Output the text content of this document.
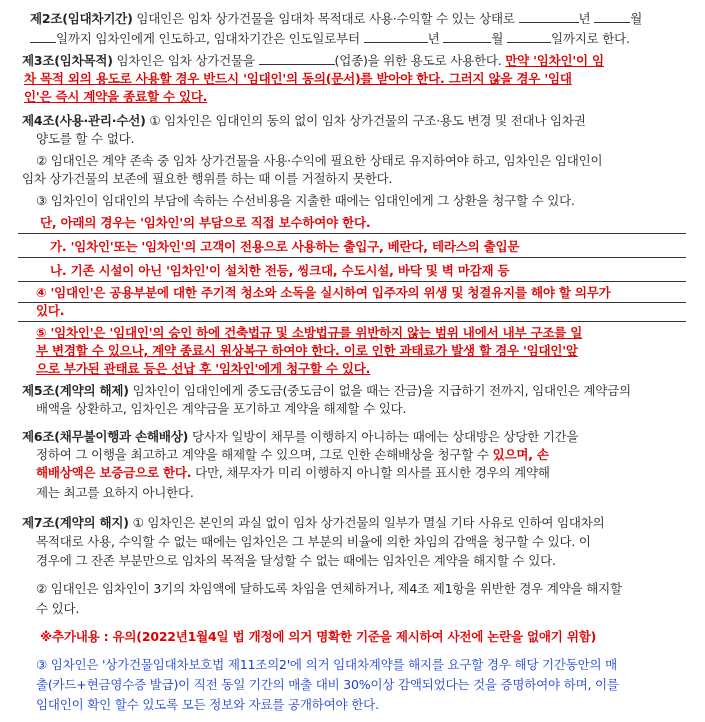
제2조(임대차기간) 임대인은 임차 상가건물을 임대차 목적대로 사용·수익할 수 있는 상태로	년	월
일까지 임차인에게 인도하고, 임대차기간은 인도일로부터	년	월	일까지로 한다.
제3조(임차목적) 임차인은 임차 상가건물을	(업종)을 위한 용도로 사용한다. 만약 '임차인'이 임
차 목적 외의 용도로 사용할 경우 반드시 '임대인'의 동의(문서)를 받아야 한다. 그러지 않을 경우 '임대
인'은 즉시 계약을 종료할 수 있다.
제4조(사용·관리·수선) ① 임차인은 임대인의 동의 없이 임차 상가건물의 구조·용도 변경 및 전대나 임차권
양도를 할 수 없다.
② 임대인은 계약 존속 중 임차 상가건물을 사용·수익에 필요한 상태로 유지하여야 하고, 임차인은 임대인이
임차 상가건물의 보존에 필요한 행위를 하는 때 이를 거절하지 못한다.
③ 임차인이 임대인의 부담에 속하는 수선비용을 지출한 때에는 임대인에게 그 상환을 청구할 수 있다.
단, 아래의 경우는 '임차인'의 부담으로 직접 보수하여야 한다.
가. '임차인'또는 '임차인'의 고객이 전용으로 사용하는 출입구, 베란다, 테라스의 출입문
나. 기존 시설이 아닌 '임차인'이 설치한 전등, 씽크대, 수도시설, 바닥 및 벽 마감재 등
④ '임대인'은 공용부분에 대한 주기적 청소와 소독을 실시하여 입주자의 위생 및 청결유지를 해야 할 의무가
있다.
⑤ '임차인'은 '임대인'의 승인 하에 건축법규 및 소방법규를 위반하지 않는 범위 내에서 내부 구조를 일
부 변경할 수 있으나, 계약 종료시 원상복구 하여야 한다. 이로 인한 과태료가 발생 할 경우 '임대인'앞
으로 부가된 관태료 등은 선납 후 '임차인'에게 청구할 수 있다.
제5조(계약의 해제) 임차인이 임대인에게 중도금(중도금이 없을 때는 잔금)을 지급하기 전까지, 임대인은 계약금의
배액을 상환하고, 임차인은 계약금을 포기하고 계약을 해제할 수 있다.
제6조(채무불이행과 손해배상) 당사자 일방이 채무를 이행하지 아니하는 때에는 상대방은 상당한 기간을
정하여 그 이행을 최고하고 계약을 해제할 수 있으며, 그로 인한 손해배상을 청구할 수 있으며, 손
해배상액은 보증금으로 한다. 다만, 채무자가 미리 이행하지 아니할 의사를 표시한 경우의 계약해
제는 최고를 요하지 아니한다.
제7조(계약의 해지) ① 임차인은 본인의 과실 없이 임차 상가건물의 일부가 멸실 기타 사유로 인하여 임대차의
목적대로 사용, 수익할 수 없는 때에는 임차인은 그 부분의 비율에 의한 차임의 감액을 청구할 수 있다. 이
경우에 그 잔존 부분만으로 임차의 목적을 달성할 수 없는 때에는 임차인은 계약을 해지할 수 있다.
② 임대인은 임차인이 3기의 차임액에 달하도록 차임을 연체하거나, 제4조 제1항을 위반한 경우 계약을 해지할
수 있다.
※추가내용 : 유의(2022년1월4일 법 개정에 의거 명확한 기준을 제시하여 사전에 논란을 없애기 위함)
③ 임차인은 '상가건물임대차보호법 제11조의2'에 의거 임대차계약를 해지를 요구할 경우 해당 기간동안의 매
출(카드+현금영수증 발급)이 직전 동일 기간의 매출 대비 30%이상 감액되었다는 것을 증명하여야 하며, 이를
임대인이 확인 할수 있도록 모든 정보와 자료를 공개하여야 한다.
